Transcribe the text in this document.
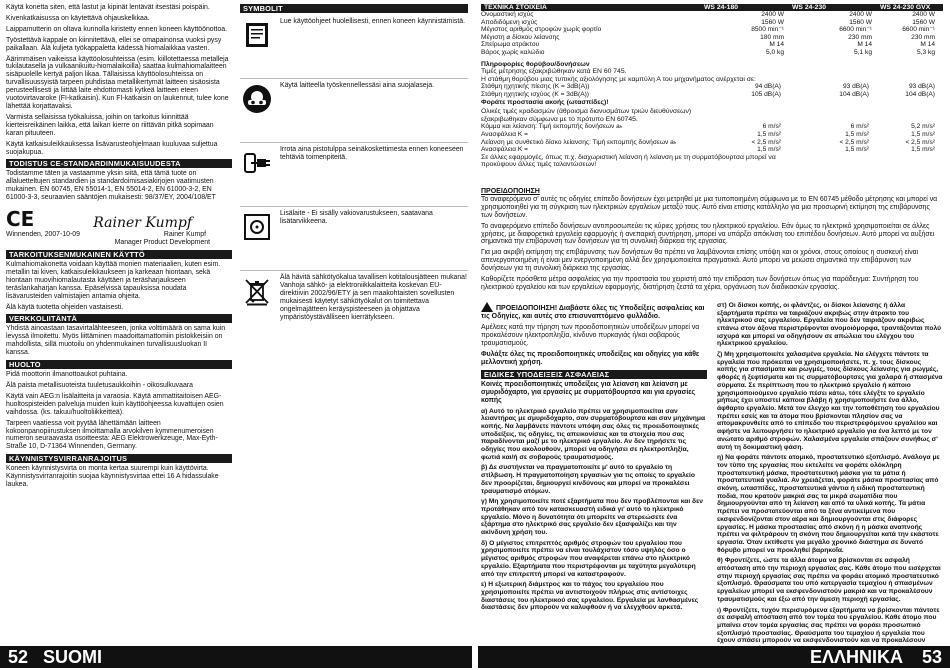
Käytä konetta siten, että lastut ja kipinät lentävät itsestäsi poispäin.

Kivenkatkaisussa on käytettävä ohjauskelkkaa.

Laippamutterin on oltava kunnolla kiristetty ennen koneen käyttöönottoa.

Työstettävä kappale on kiinnitettävä, ellei se omapainonsa vuoksi pysy paikallaan. Älä kuljeta työkappaletta kädessä hiomalaikkaa vasten.

Äärimmäisen vaikeissa käyttöolosuhteissa (esim. kiillotettaessa metalleja tukilautasella ja vulkaanikuitu-hiomalaikoilla) saattaa kulmahiomalaitteen sisäpuolelle kertyä paljon likaa. Tällaisissa käyttöolosuhteissa on turvallisuussyistä tarpeen puhdistaa metallikertymät laitteen sisäosista perusteellisesti ja liittää laite ehdottomasti kytkeä laitteen eteen vuotovirtavaroke (FI-katkaisin). Kun FI-katkaisin on laukennut, tulee kone lähettää korjattavaksi.

Varmista sellaisissa työkaluissa, joihin on tarkoitus kiinnittää kierteisreikäinen laikka, että laikan kierre on riittävän pitkä sopimaan karan pituuteen.

Käytä katkaisuleikkauksessa lisävarusteohjelmaan kuuluvaa suljettua suojakupua.

TODISTUS CE-STANDARDINMUKAISUUDESTA

Todistamme täten ja vastaamme yksin siitä, että tämä tuote on allaluetteltujen standardien ja standardoimisasiakirjojen vaatimusten mukainen. EN 60745, EN 55014-1, EN 55014-2, EN 61000-3-2, EN 61000-3-3, seuraavien sääntöjen mukaisesti: 98/37/EY, 2004/108/ET

CE	Rainer Kumpf
Winnenden, 2007-10-09	Rainer Kumpf
Manager Product Development
TARKOITUKSENMUKAINEN KÄYTTÖ

Kulmahiomakonetta voidaan käyttää monien materiaalien, kuten esim. metallin tai kiven, katkaisuleikkaukseen ja karkeaan hiontaan, sekä hiontaan muovihiomalautasta käyttäen ja teräsharjaukseen teräslankaharjan kanssa. Epäselvissä tapauksissa noudata lisävarusteiden valmistajien antamia ohjeita.

Älä käytä tuotetta ohjeiden vastaisesti.

VERKKOLIITÄNTÄ

Yhdistä ainoastaan tasavirtalähteeseen, jonka volttimäärä on sama kuin levyssä ilmoitettu. Myös liittäminen maadoittamattomiin pistokkeisiin on mahdollista, sillä muotoilu on yhdenmukainen turvallisuusluokan II kanssa.

HUOLTO

Pidä moottorin ilmanottoaukot puhtaina.

Älä paista metallisuoteista tuuletusaukkoihin - oikosulkuvaara

Käytä vain AEG:n lisälaitteita ja varaosia. Käytä ammattitaitoisen AEG-huoltospisteiden palveluja muiden kuin käyttöohjeessa kuvattujen osien vaihdossa. (ks. takuu/huoltoliikkeitteä).

Tarpeen vaatiessa voit pyytää lähettämään laitteen kokoonpanopiirustuksen ilmoittamalla arvokilven kymmenumeroisen numeron seuraavasta osoitteesta: AEG Elektrowerkzeuge, Max-Eyth-Straße 10, D-71364 Winnenden, Germany.

KÄYNNISTYSVIRRANRAJOITUS

Koneen käynnistysvirta on monta kertaa suurempi kuin käyttövirta. Käynnistysvirranrajoitin suojaa käynnistysvirtaa ettei 16 A hidassulake laukea.

SYMBOLIT
Lue käyttöohjeet huolellisesti, ennen koneen käynnistämistä.
Käytä laitteella työskennellessäsi aina suojalaseja.
Irrota aina pistotulppa seinäkoskettimesta ennen koneeseen tehtäviä toimenpiteitä.
Lisälaite - Ei sisälly vakiovarustukseen, saatavana lisätarvikkeena.
Älä hävitä sähkötyökalua tavallisen kotitalousjätteen mukana! Vanhoja sähkö- ja elektroniikkalaitteita koskevan EU-direktiivin 2002/96/ETY ja sen maakohtaisten sovellusten mukaisesti käytetyt sähkötyökalut on toimitettava ongelmajätteen keräyspisteeseen ja ohjattava ympäristöystävälliseen kierrätykseen.
52 SUOMI
ΤΕΧΝΙΚΑ ΣΤΟΙΧΕΙΑ	WS 24-180	WS 24-230	WS 24-230 GVX
Ονομαστική ισχύς	2400 W	2400 W	2400 W
Αποδιδόμενη ισχύς	1560 W	1560 W	1560 W
Μέγιστος αριθμός στροφών χωρίς φορτίο	8500 min⁻¹	6600 min⁻¹	6600 min⁻¹
Μέγιστη ⌀ δίσκου λείανσης	180 mm	230 mm	230 mm
Σπείρωμα ατράκτου	M 14	M 14	M 14
Βάρος χωρίς καλώδιο	5,0 kg	5,1 kg	5,3 kg
Πληροφορίες θορύβου/δονήσεων
Τιμές μέτρησης εξακριβώθηκαν κατά EN 60 745.
Η στάθμη θορύβου μιας τυπικής αξιολόγησης με καμπύλη Α του μηχανήματος ανέρχεται σε:
Στάθμη ηχητικής πίεσης (K = 3dB(A))	94 dB(A)	93 dB(A)	93 dB(A)
Στάθμη ηχητικής ισχύος (K = 3dB(A))	105 dB(A)	104 dB(A)	104 dB(A)
Φοράτε προστασία ακοής (ωτασπίδες)!
Ολικές τιμές κραδασμών (άθροισμα διανυσμάτων τριών διευθύνσεων) εξακριβωθηκαν σύμφωνα με το πρότυπο EN 60745.
Κόμμα και λείανση: Τιμή εκπομπής δονήσεων aₕ	6 m/s²	6 m/s²	5,2 m/s²
Ανασφάλεια K =	1,5 m/s²	1,5 m/s²	1,5 m/s²
Λείανση με συνθετικό δίσκο λείανσης: Τιμή εκπομπής δονήσεων aₕ	< 2,5 m/s²	< 2,5 m/s²	< 2,5 m/s²
Ανασφάλεια K =	1,5 m/s²	1,5 m/s²	1,5 m/s²
Σε άλλες εφαρμογές, όπως π.χ. διαχωριστική λείανση ή λείανση με τη συρματόβουρτσα μπορεί να προκύψουν άλλες τιμές ταλαντώσεων!
ΠΡΟΕΙΔΟΠΟΙΗΣΗ

Το αναφερόμενο σ' αυτές τις οδηγίες επίπεδο δονήσεων έχει μετρηθεί με μια τυποποιημένη σύμφωνα με το EN 60745 μέθοδο μέτρησης και μπορεί να χρησιμοποιηθεί για τη σύγκριση των ηλεκτρικών εργαλείων μεταξύ τους. Αυτό είναι επίσης κατάλληλο για μια προσωρινή εκτίμηση της επιβάρυνσης των δονήσεων.

Το αναφερόμενο επίπεδο δονήσεων αντιπροσωπεύει τις κύριες χρήσεις του ηλεκτρικού εργαλείου. Εάν όμως το ηλεκτρικό χρησιμοποιείται σε άλλες χρήσεις, με διαφορετικά εργαλεία εφαρμογής ή ανεπαρκή συντήρηση, μπορεί να υπάρξει απόκλιση του επιπέδου δονήσεων. Αυτό μπορεί να αυξήσει σημαντικά την επιβάρυνση των δονήσεων για τη συνολική διάρκεια της εργασίας.

Για μια ακριβή εκτίμηση της επιβάρυνσης των δονήσεων θα πρέπει να λαμβάνονται επίσης υπόψη και οι χρόνοι, στους οποίους η συσκευή είναι απενεργοποιημένη ή είναι μεν ενεργοποιημένη αλλά δεν χρησιμοποιείται πραγματικά. Αυτό μπορεί να μειώσει σημαντικά την επιβάρυνση των δονήσεων για τη συνολική διάρκεια της εργασίας.

Καθορίζετε πρόσθετα μέτρα ασφαλείας για την προστασία του χειριστή από την επίδραση των δονήσεων όπως για παράδειγμα: Συντήρηση του ηλεκτρικού εργαλείου και των εργαλείων εφαρμογής, διατήρηση ζεστά τα χέρια, οργάνωση των διαδικασιών εργασίας.

ΠΡΟΕΙΔΟΠΟΙΗΣΗ! Διαβάστε όλες τις Υποδείξεις ασφαλείας και τις Οδηγίες, και αυτές στο επισυναπτόμενο φυλλάδιο.

Αμέλειες κατά την τήρηση των προειδοποιητικών υποδείξεων μπορεί να προκαλέσουν ηλεκτροπληξία, κίνδυνο πυρκαγιάς ή/και σοβαρούς τραυματισμούς.

Φυλάξτε όλες τις προειδοποιητικές υποδείξεις και οδηγίες για κάθε μελλοντική χρήση.

ΕΙΔΙΚΕΣ ΥΠΟΔΕΙΞΕΙΣ ΑΣΦΑΛΕΙΑΣ

Κοινές προειδοποιητικές υποδείξεις για λείανση και λείανση με σμυριδόχαρτο, για εργασίες με συρματόβουρτσα και για εργασίες κοπής

α) Αυτό το ηλεκτρικό εργαλείο πρέπει να χρησιμοποιείται σαν λειαντήρας με σμυριδόχαρτο, σαν συρματόβουρτσα και σαν μηχάνημα κοπής. Να λαμβάνετε πάντοτε υπόψη σας όλες τις προειδοποιητικές υποδείξεις, τις οδηγίες, τις απεικονίσεις και τα στοιχεία που σας παραδίνονται μαζί με το ηλεκτρικό εργαλείο. Αν δεν τηρήσετε τις οδηγίες που ακολουθούν, μπορεί να οδηγήσει σε ηλεκτροπληξία, φωτιά και/ή σε σοβαρούς τραυματισμούς.

β) Δε συστήνεται να πραγματοποιείτε μ' αυτό το εργαλείο τη στίλβωση. Η πραγματοποίηση εργασιών για τις οποίες το εργαλείο δεν προορίζεται, δημιουργεί κινδύνους και μπορεί να προκαλέσει τραυματισμό ατόμων.

γ) Μη χρησιμοποιείτε ποτέ εξαρτήματα που δεν προβλέπονται και δεν προτάθηκαν από τον κατασκευαστή ειδικά γι' αυτό το ηλεκτρικό εργαλείο. Μόνο η δυνατότητα ότι μπορείτε να στερεώσετε ένα εξάρτημα στο ηλεκτρικό σας εργαλείο δεν εξασφαλίζει και την ακίνδυνη χρήση του.

δ) Ο μέγιστος επιτρεπτός αριθμός στροφών του εργαλείου που χρησιμοποιείτε πρέπει να είναι τουλάχιστον τόσο υψηλός όσο ο μέγιστος αριθμός στροφών που αναφέρεται επάνω στο ηλεκτρικό εργαλείο. Εξαρτήματα που περιστρέφονται με ταχύτητα μεγαλύτερη από την επιτρεπτή μπορεί να καταστραφούν.

ε) Η εξωτερική διάμετρος και το πάχος του εργαλείου που χρησιμοποιείτε πρέπει να αντιστοιχούν πλήρως στις αντίστοιχες διαστάσεις του ηλεκτρικού σας εργαλείου. Εργαλεία με λανθασμένες διαστάσεις δεν μπορούν να καλυφθούν ή να ελεγχθούν αρκετά.

στ) Οι δίσκοι κοπής, οι φλάντζες, οι δίσκοι λείανσης ή άλλα εξαρτήματα πρέπει να ταιριάζουν ακριβώς στην άτρακτο του ηλεκτρικού σας εργαλείου. Εργαλεία που δεν ταιριάζουν ακριβώς επάνω στον άξονα περιστρέφονται ανομοιόμορφα, τραντάζονται πολύ ισχυρά και μπορεί να οδηγήσουν σε απώλεια του ελέγχου του ηλεκτρικού εργαλείου.

ζ) Μη χρησιμοποιείτε χαλασμένα εργαλεία. Να ελέγχετε πάντοτε τα εργαλεία που πρόκειται να χρησιμοποιήσετε, π. χ. τους δίσκους κοπής για σπασίματα και ρωγμές, τους δίσκους λείανσης για ρωγμές, φθορές ή ξεφτίσματα και τις συρματόβουρτσες για χαλαρά ή σπασμένα σύρματα. Σε περίπτωση που το ηλεκτρικό εργαλείο ή κάποιο χρησιμοποιούμενο εργαλείο πέσει κάτω, τότε ελέγξτε το εργαλείο μήπως έχει υποστεί κάποια βλάβη ή χρησιμοποιήστε ένα άλλο, άφθαρτο εργαλείο. Μετά τον έλεγχο και την τοποθέτηση του εργαλείου πρέπει εσείς και τα άτομα που βρίσκονται πλησίον σας να απομακρυνθείτε από το επίπεδο του περιστρεφόμενου εργαλείου και αφήστε να λειτουργήσει το ηλεκτρικό εργαλείο για ένα λεπτό με τον ανώτατο αριθμό στροφών. Χαλασμένα εργαλεία σπάζουν συνήθως σ' αυτή τη δοκιμαστική φάση.

η) Να φοράτε πάντοτε ατομικό, προστατευτικό εξοπλισμό. Ανάλογα με τον τύπο της εργασίας που εκτελείτε να φοράτε ολόκληρη προστατευτική μάσκα, προστατευτική μάσκα για τα μάτια ή προστατευτικά γυαλιά. Αν χρειάζεται, φοράτε μάσκα προστασίας από σκόνη, ωτασπίδες, προστατευτικά γάντια ή ειδική προστατευτική ποδιά, που κρατούν μακριά σας τα μικρά σωματίδια που δημιουργούνται από τη λείανση και από τα υλικά κοπής. Τα μάτια πρέπει να προστατεύονται από τα ξένα αντικείμενα που εκσφενδονίζονται στον αέρα και δημιουργούνται στις διάφορες εργασίες. Η μάσκα προστασίας από σκόνη ή η μάσκα αναπνοής πρέπει να φιλτράρουν τη σκόνη που δημιουργείται κατά την εκάστοτε εργασία. Όταν εκτίθεστε για μεγάλο χρονικό διάστημα σε δυνατό θόρυβο μπορεί να προκληθεί βαρηκοΐα.

θ) Φροντίζετε, ώστε τα άλλα άτομα να βρίσκονται σε ασφαλή απόσταση από την περιοχή εργασίας σας. Κάθε άτομο που εισέρχεται στην περιοχή εργασίας σας πρέπει να φοράει ατομικό προστατευτικό εξοπλισμό. Θραύσματα του υπό κατεργασία τεμαχίου ή σπασμένων εργαλείων μπορεί να εκσφενδονιστούν μακριά και να προκαλέσουν τραυματισμούς και έξω από την άμεση περιοχή εργασίας.

ι) Φροντίζετε, τυχόν περισυρόμενα εξαρτήματα να βρίσκονται πάντοτε σε ασφαλή απόσταση από τον τομέα του εργαλείου. Κάθε άτομο που μπαίνει στον τομέα εργασίας σας πρέπει να φοράει προσωπικό εξοπλισμό προστασίας. Θραύσματα του τεμαχίου ή εργαλεία που έχουν σπάσει μπορούν να εκσφενδονιστούν και να προκαλέσουν

ΕΛΛΗΝΙΚΑ 53
